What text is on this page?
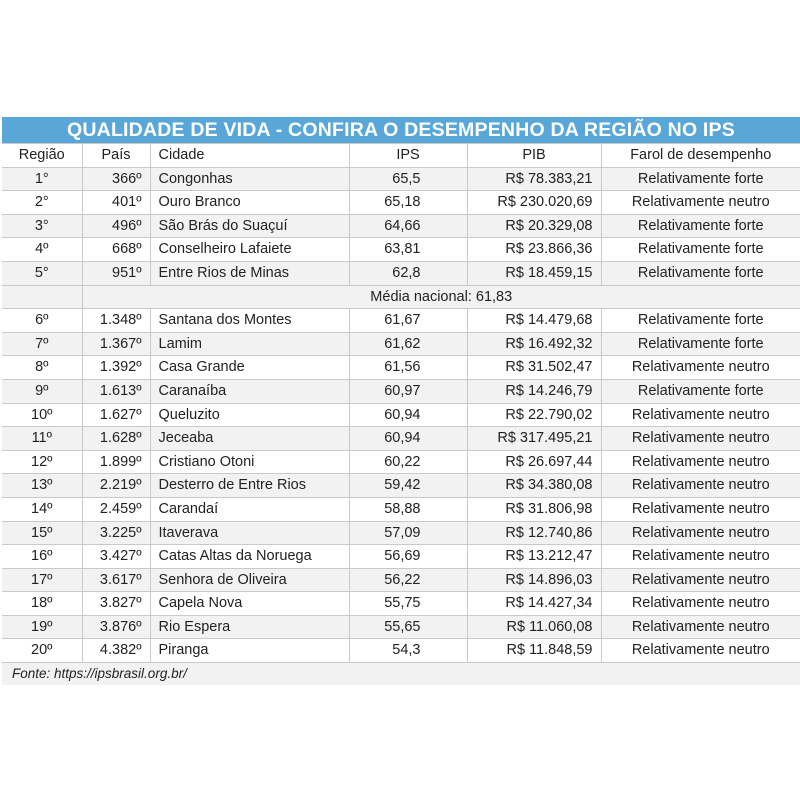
QUALIDADE DE VIDA - CONFIRA O DESEMPENHO DA REGIÃO NO IPS
Região	País	Cidade	IPS	PIB	Farol de desempenho
1°	366º	Congonhas	65,5	R$ 78.383,21	Relativamente forte
2°	401º	Ouro Branco	65,18	R$ 230.020,69	Relativamente neutro
3°	496º	São Brás do Suaçuí	64,66	R$ 20.329,08	Relativamente forte
4º	668º	Conselheiro Lafaiete	63,81	R$ 23.866,36	Relativamente forte
5°	951º	Entre Rios de Minas	62,8	R$ 18.459,15	Relativamente forte
	Média nacional: 61,83				
6º	1.348º	Santana dos Montes	61,67	R$ 14.479,68	Relativamente forte
7º	1.367º	Lamim	61,62	R$ 16.492,32	Relativamente forte
8º	1.392º	Casa Grande	61,56	R$ 31.502,47	Relativamente neutro
9º	1.613º	Caranaíba	60,97	R$ 14.246,79	Relativamente forte
10º	1.627º	Queluzito	60,94	R$ 22.790,02	Relativamente neutro
11º	1.628º	Jeceaba	60,94	R$ 317.495,21	Relativamente neutro
12º	1.899º	Cristiano Otoni	60,22	R$ 26.697,44	Relativamente neutro
13º	2.219º	Desterro de Entre Rios	59,42	R$ 34.380,08	Relativamente neutro
14º	2.459º	Carandaí	58,88	R$ 31.806,98	Relativamente neutro
15º	3.225º	Itaverava	57,09	R$ 12.740,86	Relativamente neutro
16º	3.427º	Catas Altas da Noruega	56,69	R$ 13.212,47	Relativamente neutro
17º	3.617º	Senhora de Oliveira	56,22	R$ 14.896,03	Relativamente neutro
18º	3.827º	Capela Nova	55,75	R$ 14.427,34	Relativamente neutro
19º	3.876º	Rio Espera	55,65	R$ 11.060,08	Relativamente neutro
20º	4.382º	Piranga	54,3	R$ 11.848,59	Relativamente neutro
Fonte: https://ipsbrasil.org.br/
